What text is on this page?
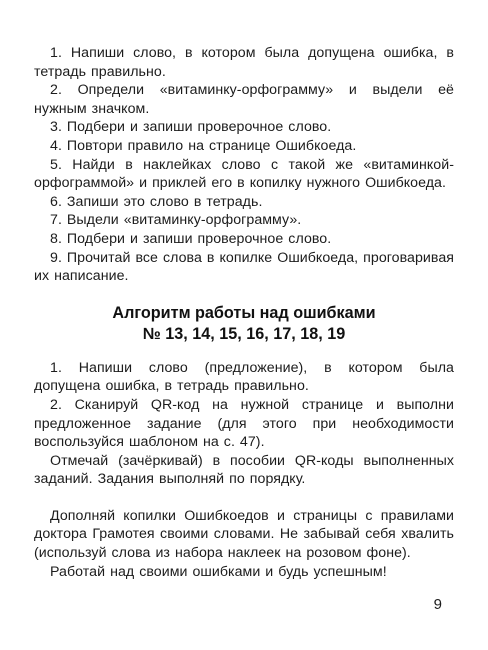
1. Напиши слово, в котором была допущена ошибка, в тетрадь правильно.

2. Определи «витаминку-орфограмму» и выдели её нужным значком.

3. Подбери и запиши проверочное слово.

4. Повтори правило на странице Ошибкоеда.

5. Найди в наклейках слово с такой же «витаминкой-орфограммой» и приклей его в копилку нужного Ошибкоеда.

6. Запиши это слово в тетрадь.

7. Выдели «витаминку-орфограмму».

8. Подбери и запиши проверочное слово.

9. Прочитай все слова в копилке Ошибкоеда, проговаривая их написание.

Алгоритм работы над ошибками

№ 13, 14, 15, 16, 17, 18, 19

1. Напиши слово (предложение), в котором была допущена ошибка, в тетрадь правильно.

2. Сканируй QR-код на нужной странице и выполни предложенное задание (для этого при необходимости воспользуйся шаблоном на с. 47).

Отмечай (зачёркивай) в пособии QR-коды выполненных заданий. Задания выполняй по порядку.

Дополняй копилки Ошибкоедов и страницы с правилами доктора Грамотея своими словами. Не забывай себя хвалить (используй слова из набора наклеек на розовом фоне).

Работай над своими ошибками и будь успешным!

9
